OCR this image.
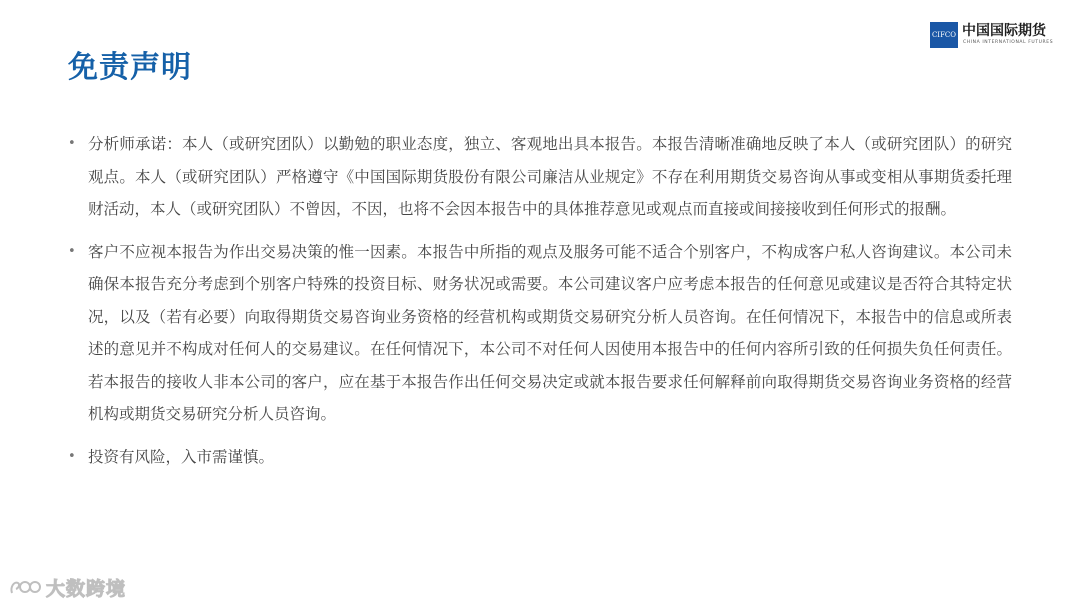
免责声明
CIFCO 中国国际期货
CHINA INTERNATIONAL FUTURES
• 分析师承诺：本人（或研究团队）以勤勉的职业态度，独立、客观地出具本报告。本报告清晰准确地反映了本人（或研究团队）的研究观点。本人（或研究团队）严格遵守《中国国际期货股份有限公司廉洁从业规定》不存在利用期货交易咨询从事或变相从事期货委托理财活动，本人（或研究团队）不曾因，不因，也将不会因本报告中的具体推荐意见或观点而直接或间接接收到任何形式的报酬。
• 客户不应视本报告为作出交易决策的惟一因素。本报告中所指的观点及服务可能不适合个别客户，不构成客户私人咨询建议。本公司未确保本报告充分考虑到个别客户特殊的投资目标、财务状况或需要。本公司建议客户应考虑本报告的任何意见或建议是否符合其特定状况，以及（若有必要）向取得期货交易咨询业务资格的经营机构或期货交易研究分析人员咨询。在任何情况下，本报告中的信息或所表述的意见并不构成对任何人的交易建议。在任何情况下，本公司不对任何人因使用本报告中的任何内容所引致的任何损失负任何责任。若本报告的接收人非本公司的客户，应在基于本报告作出任何交易决定或就本报告要求任何解释前向取得期货交易咨询业务资格的经营机构或期货交易研究分析人员咨询。
• 投资有风险，入市需谨慎。
大数跨境
